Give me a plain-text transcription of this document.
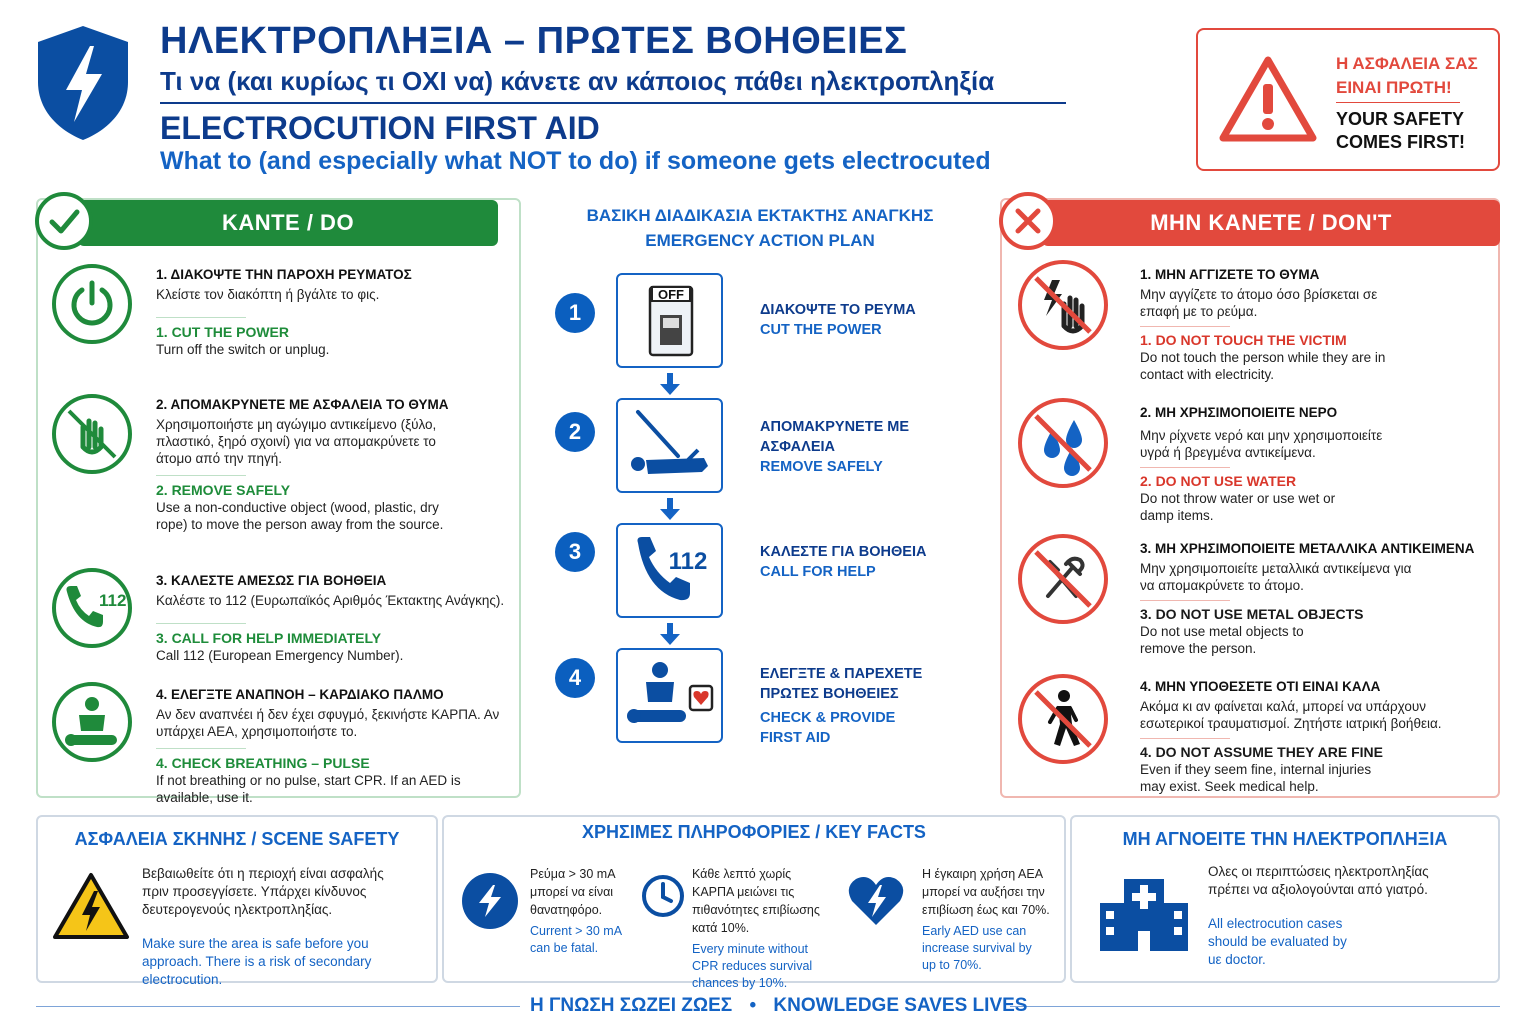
ΗΛΕΚΤΡΟΠΛΗΞΙΑ – ΠΡΩΤΕΣ ΒΟΗΘΕΙΕΣ
Τι να (και κυρίως τι ΟΧΙ να) κάνετε αν κάποιος πάθει ηλεκτροπληξία
ELECTROCUTION FIRST AID
What to (and especially what NOT to do) if someone gets electrocuted
Η ΑΣΦΑΛΕΙΑ ΣΑΣ
ΕΙΝΑΙ ΠΡΩΤΗ!
YOUR SAFETY
COMES FIRST!
ΚΑΝΤΕ / DO
1. ΔΙΑΚΟΨΤΕ ΤΗΝ ΠΑΡΟΧΗ ΡΕΥΜΑΤΟΣ
Κλείστε τον διακόπτη ή βγάλτε το φις.
1. CUT THE POWER
Turn off the switch or unplug.
2. ΑΠΟΜΑΚΡΥΝΕΤΕ ΜΕ ΑΣΦΑΛΕΙΑ ΤΟ ΘΥΜΑ
Χρησιμοποιήστε μη αγώγιμο αντικείμενο (ξύλο, πλαστικό, ξηρό σχοινί) για να απομακρύνετε το άτομο από την πηγή.
2. REMOVE SAFELY
Use a non-conductive object (wood, plastic, dry rope) to move the person away from the source.
112
3. ΚΑΛΕΣΤΕ ΑΜΕΣΩΣ ΓΙΑ ΒΟΗΘΕΙΑ
Καλέστε το 112 (Ευρωπαϊκός Αριθμός Έκτακτης Ανάγκης).
3. CALL FOR HELP IMMEDIATELY
Call 112 (European Emergency Number).
4. ΕΛΕΓΞΤΕ ΑΝΑΠΝΟΗ – ΚΑΡΔΙΑΚΟ ΠΑΛΜΟ
Αν δεν αναπνέει ή δεν έχει σφυγμό, ξεκινήστε ΚΑΡΠΑ. Αν υπάρχει ΑΕΑ, χρησιμοποιήστε το.
4. CHECK BREATHING – PULSE
If not breathing or no pulse, start CPR. If an AED is available, use it.
ΒΑΣΙΚΗ ΔΙΑΔΙΚΑΣΙΑ ΕΚΤΑΚΤΗΣ ΑΝΑΓΚΗΣ
EMERGENCY ACTION PLAN
1
OFF
ΔΙΑΚΟΨΤΕ ΤΟ ΡΕΥΜΑ
CUT THE POWER
2	ΑΠΟΜΑΚΡΥΝΕΤΕ ΜΕ ΑΣΦΑΛΕΙΑ
REMOVE SAFELY
3	112	ΚΑΛΕΣΤΕ ΓΙΑ ΒΟΗΘΕΙΑ
CALL FOR HELP
4	ΕΛΕΓΞΤΕ & ΠΑΡΕΧΕΤΕ ΠΡΩΤΕΣ ΒΟΗΘΕΙΕΣ
CHECK & PROVIDE FIRST AID
ΜΗΝ ΚΑΝΕΤΕ / DON'T
1. ΜΗΝ ΑΓΓΙΖΕΤΕ ΤΟ ΘΥΜΑ
Μην αγγίζετε το άτομο όσο βρίσκεται σε επαφή με το ρεύμα.
1. DO NOT TOUCH THE VICTIM
Do not touch the person while they are in contact with electricity.
2. ΜΗ ΧΡΗΣΙΜΟΠΟΙΕΙΤΕ ΝΕΡΟ
Μην ρίχνετε νερό και μην χρησιμοποιείτε υγρά ή βρεγμένα αντικείμενα.
2. DO NOT USE WATER
Do not throw water or use wet or damp items.
3. ΜΗ ΧΡΗΣΙΜΟΠΟΙΕΙΤΕ ΜΕΤΑΛΛΙΚΑ ΑΝΤΙΚΕΙΜΕΝΑ
Μην χρησιμοποιείτε μεταλλικά αντικείμενα για να απομακρύνετε το άτομο.
3. DO NOT USE METAL OBJECTS
Do not use metal objects to remove the person.
4. ΜΗΝ ΥΠΟΘΕΣΕΤΕ ΟΤΙ ΕΙΝΑΙ ΚΑΛΑ
Ακόμα κι αν φαίνεται καλά, μπορεί να υπάρχουν εσωτερικοί τραυματισμοί. Ζητήστε ιατρική βοήθεια.
4. DO NOT ASSUME THEY ARE FINE
Even if they seem fine, internal injuries may exist. Seek medical help.
ΑΣΦΑΛΕΙΑ ΣΚΗΝΗΣ / SCENE SAFETY
Βεβαιωθείτε ότι η περιοχή είναι ασφαλής πριν προσεγγίσετε. Υπάρχει κίνδυνος δευτερογενούς ηλεκτροπληξίας.
Make sure the area is safe before you approach. There is a risk of secondary electrocution.
ΧΡΗΣΙΜΕΣ ΠΛΗΡΟΦΟΡΙΕΣ / KEY FACTS
Ρεύμα > 30 mA μπορεί να είναι θανατηφόρο.
Current > 30 mA can be fatal.
Κάθε λεπτό χωρίς ΚΑΡΠΑ μειώνει τις πιθανότητες επιβίωσης κατά 10%.
Every minute without CPR reduces survival chances by 10%.
Η έγκαιρη χρήση ΑΕΑ μπορεί να αυξήσει την επιβίωση έως και 70%.
Early AED use can increase survival by up to 70%.
ΜΗ ΑΓΝΟΕΙΤΕ ΤΗΝ ΗΛΕΚΤΡΟΠΛΗΞΙΑ
Ολες οι περιπτώσεις ηλεκτροπληξίας πρέπει να αξιολογούνται από γιατρό.
All electrocution cases should be evaluated by uε doctor.
Η ΓΝΩΣΗ ΣΩΖΕΙ ΖΩΕΣ • KNOWLEDGE SAVES LIVES
